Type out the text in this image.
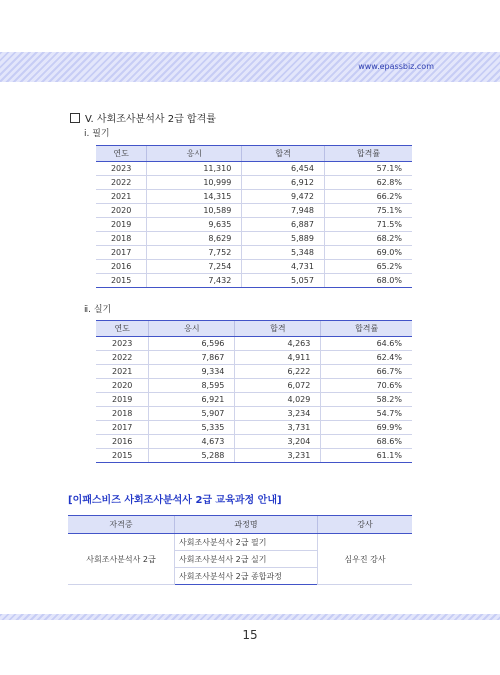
www.epassbiz.com
V. 사회조사분석사 2급 합격률
ⅰ. 필기
연도	응시	합격	합격률
2023	11,310	6,454	57.1%
2022	10,999	6,912	62.8%
2021	14,315	9,472	66.2%
2020	10,589	7,948	75.1%
2019	9,635	6,887	71.5%
2018	8,629	5,889	68.2%
2017	7,752	5,348	69.0%
2016	7,254	4,731	65.2%
2015	7,432	5,057	68.0%
ⅱ. 실기
연도	응시	합격	합격률
2023	6,596	4,263	64.6%
2022	7,867	4,911	62.4%
2021	9,334	6,222	66.7%
2020	8,595	6,072	70.6%
2019	6,921	4,029	58.2%
2018	5,907	3,234	54.7%
2017	5,335	3,731	69.9%
2016	4,673	3,204	68.6%
2015	5,288	3,231	61.1%
[이패스비즈 사회조사분석사 2급 교육과정 안내]
자격증	과정명	강사
사회조사분석사 2급	사회조사분석사 2급 필기	심우진 강사
	사회조사분석사 2급 실기	
	사회조사분석사 2급 종합과정	
15
